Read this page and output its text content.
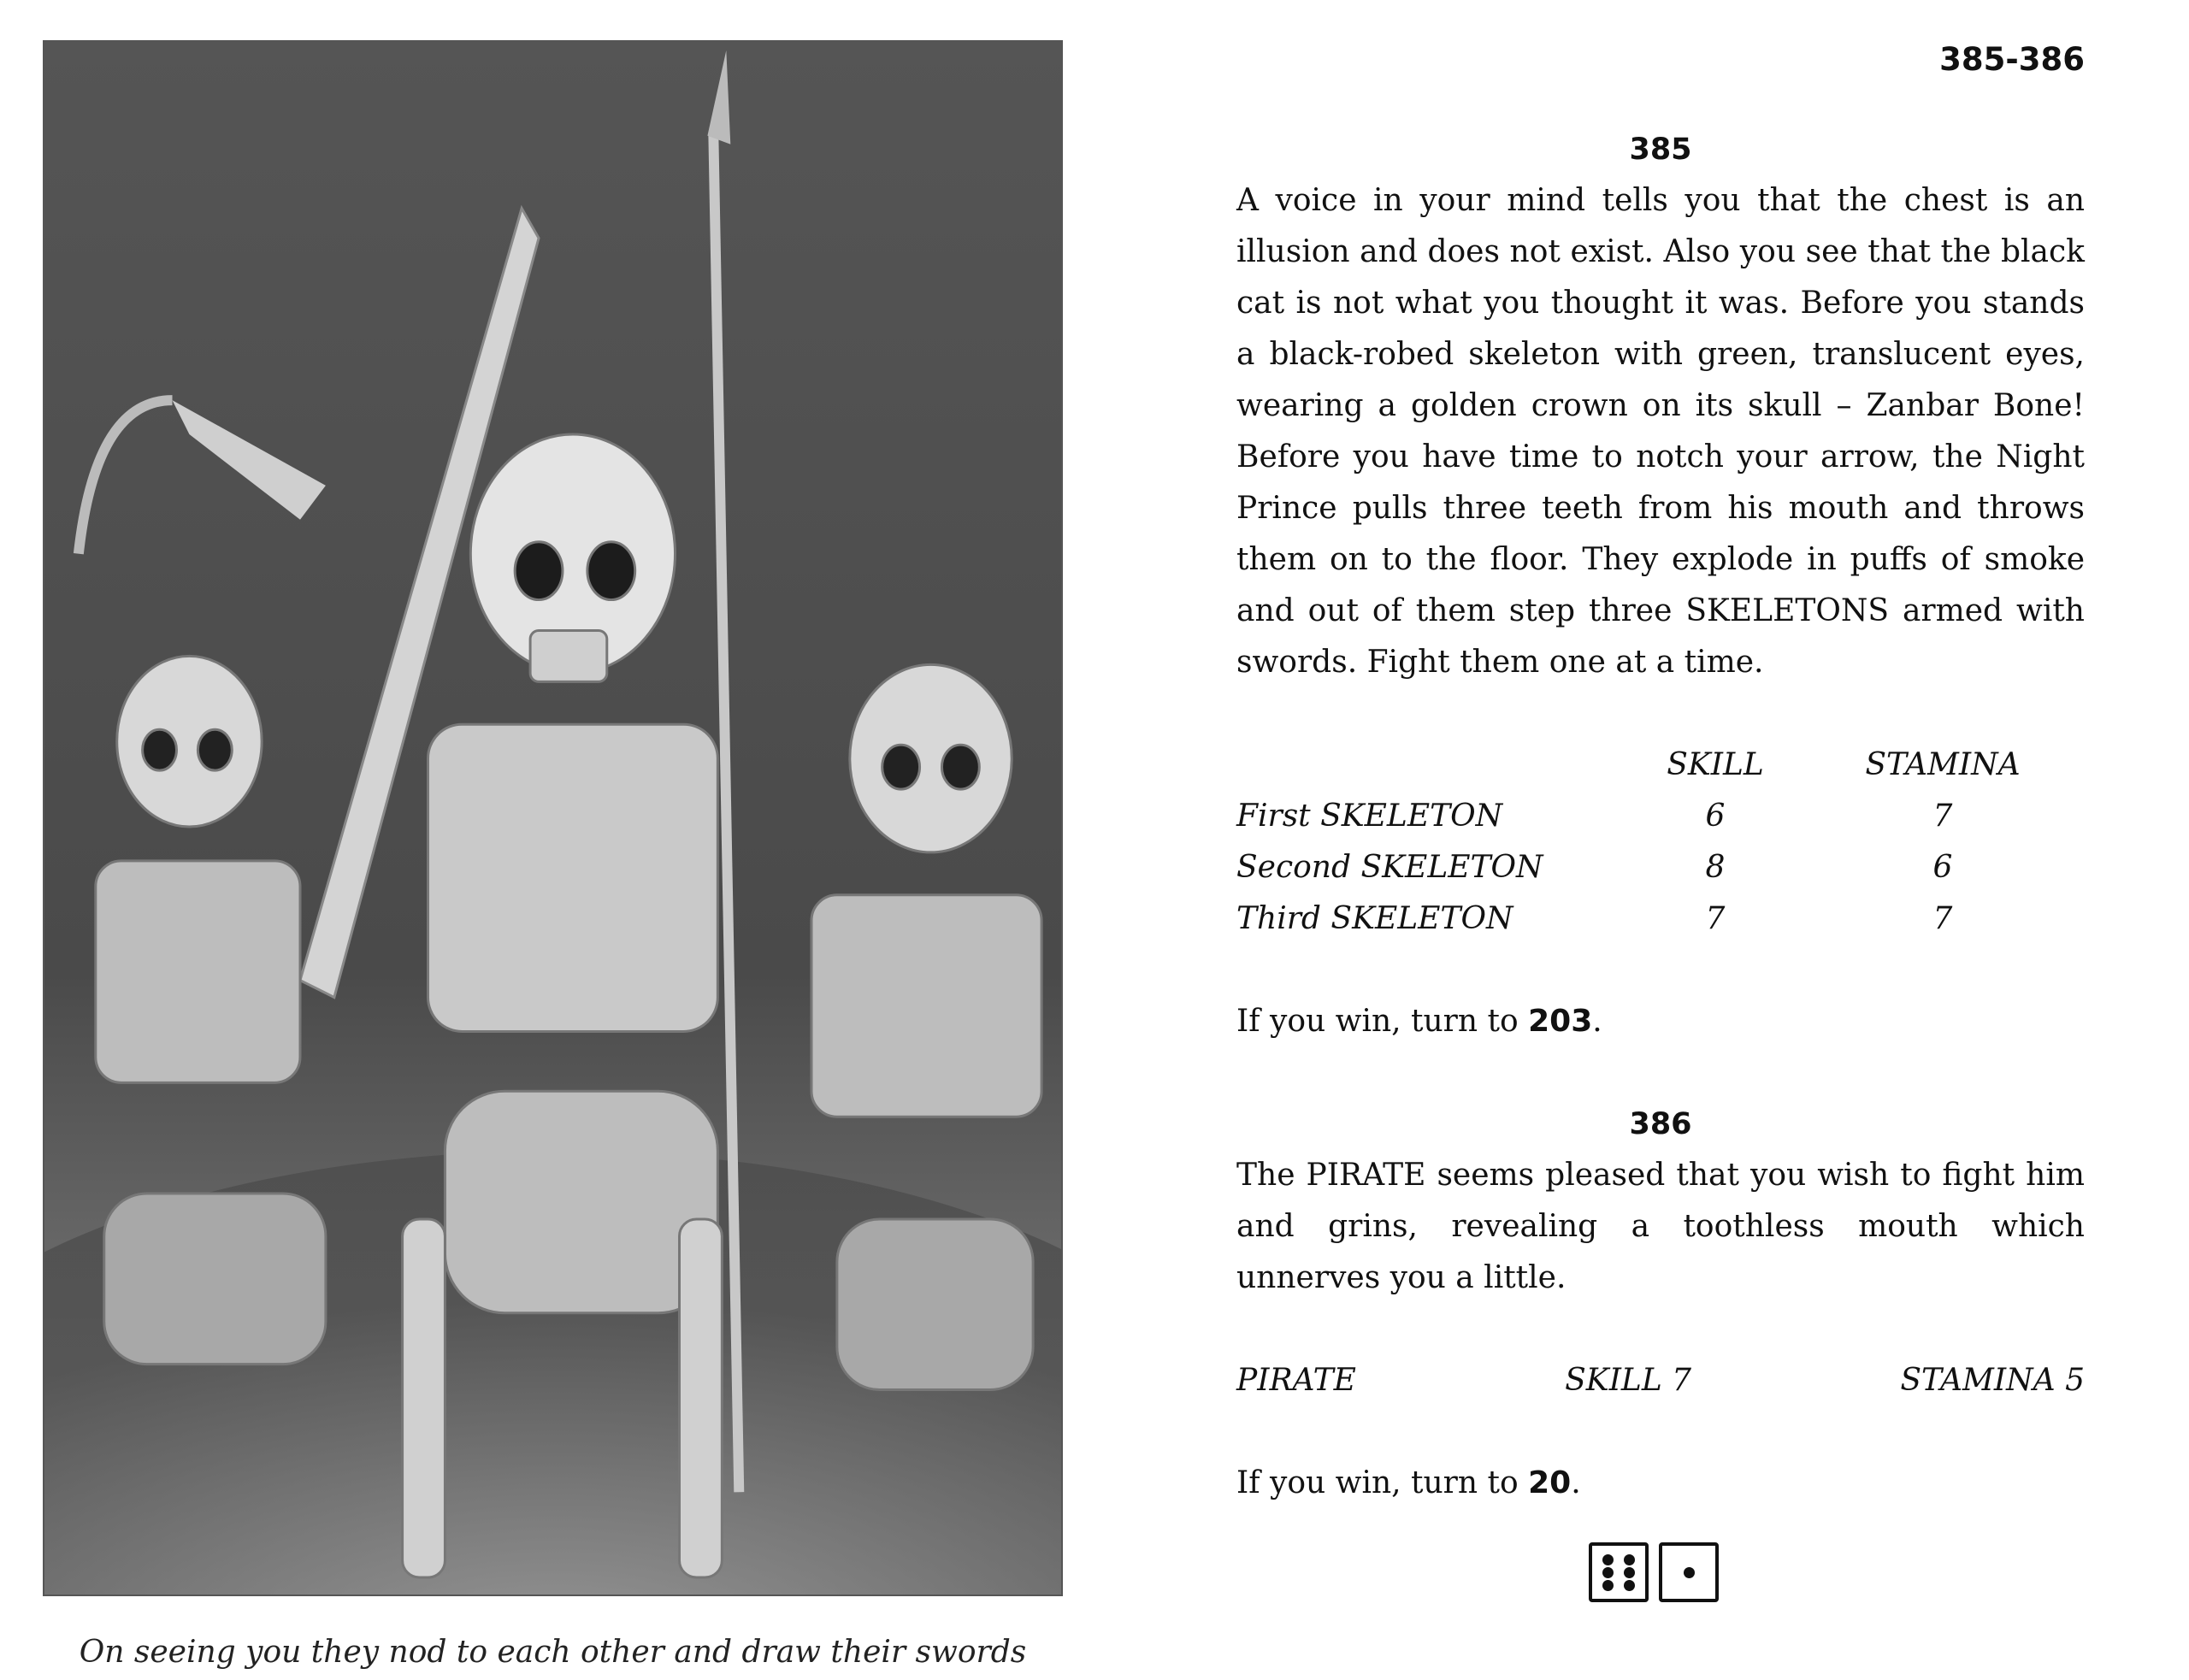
On seeing you they nod to each other and draw their swords
385-386
385

A voice in your mind tells you that the chest is an illusion and does not exist. Also you see that the black cat is not what you thought it was. Before you stands a black-robed skeleton with green, translucent eyes, wearing a golden crown on its skull – Zanbar Bone! Before you have time to notch your arrow, the Night Prince pulls three teeth from his mouth and throws them on to the floor. They explode in puffs of smoke and out of them step three SKELETONS armed with swords. Fight them one at a time.

	SKILL	STAMINA
First SKELETON	6	7
Second SKELETON	8	6
Third SKELETON	7	7
If you win, turn to 203.
386

The PIRATE seems pleased that you wish to fight him and grins, revealing a toothless mouth which unnerves you a little.

PIRATE	SKILL 7	STAMINA 5
If you win, turn to 20.
